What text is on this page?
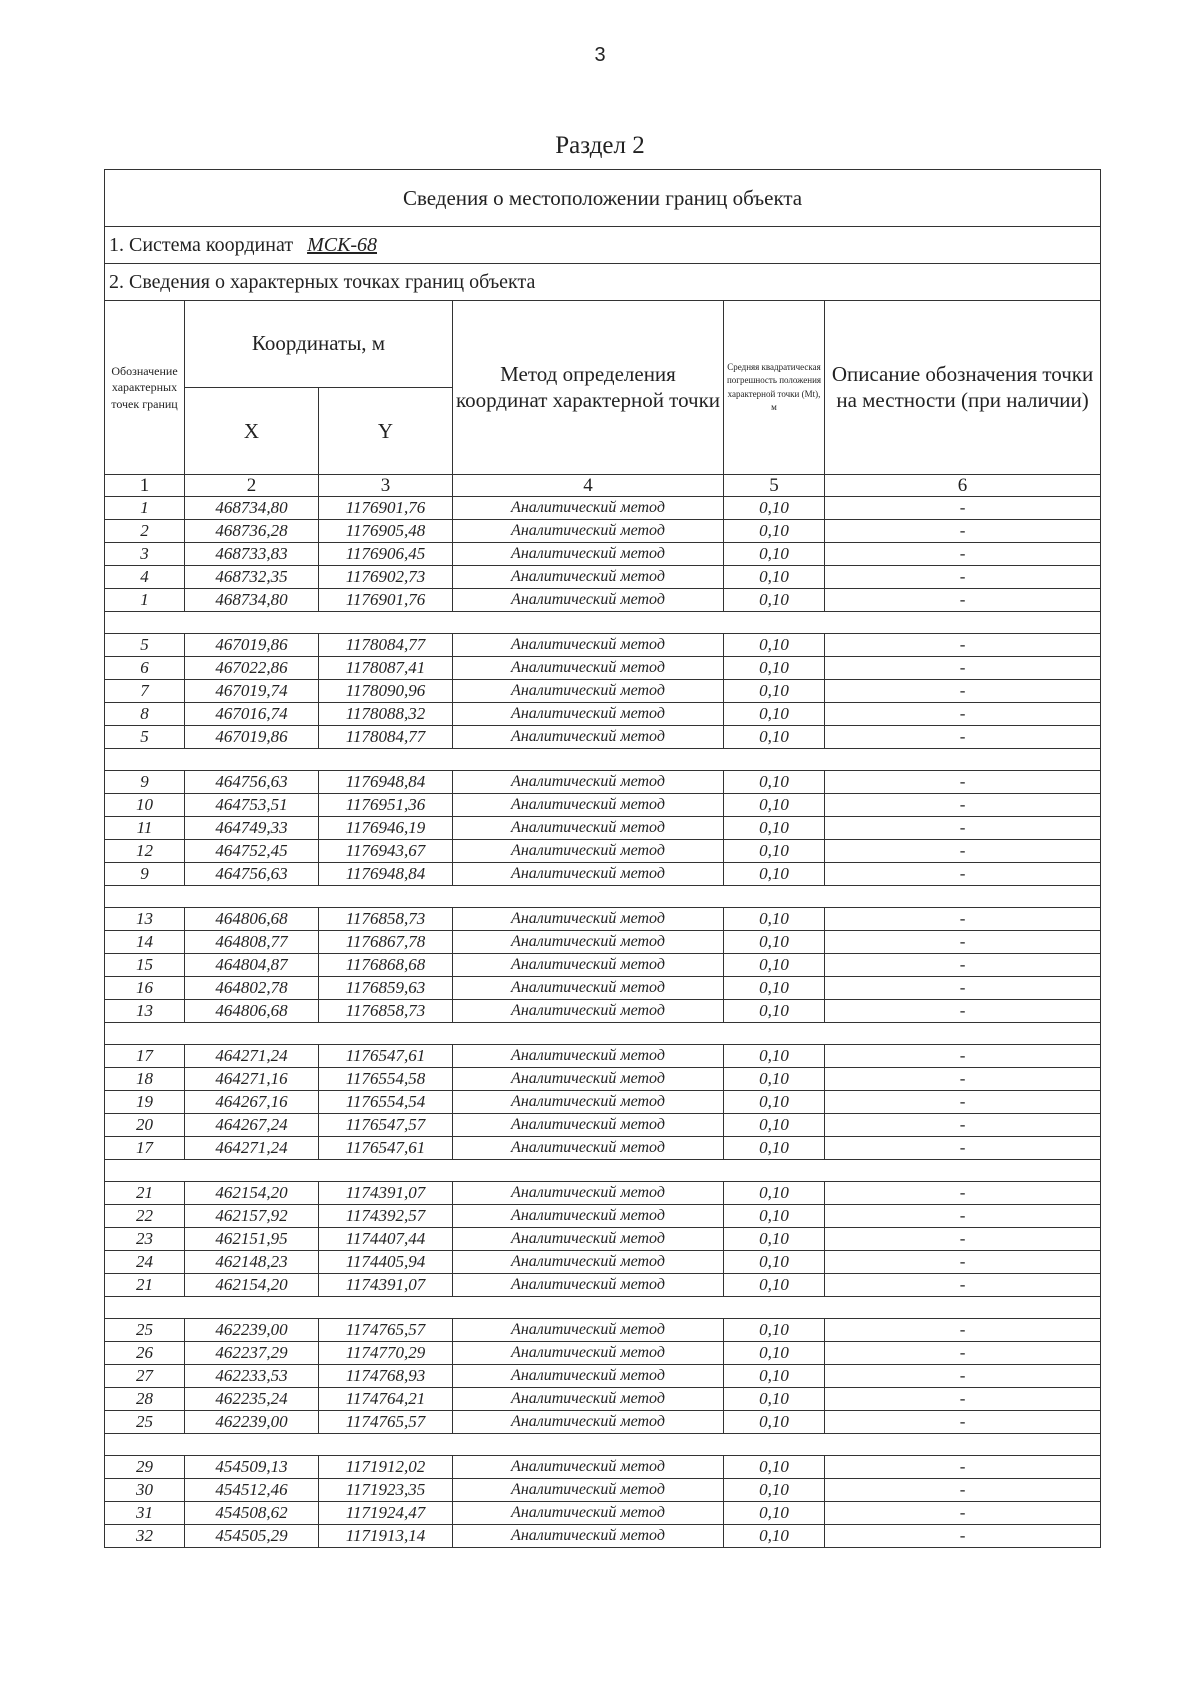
3
Раздел 2
Сведения о местоположении границ объекта					
1. Система координат МСК-68					
2. Сведения о характерных точках границ объекта					
Обозначение характерных точек границ	Координаты, м		Метод определения координат характерной точки	Средняя квадратическая погрешность положения характерной точки (Mt), м	Описание обозначения точки на местности (при наличии)
	X	Y			
1	2	3	4	5	6
1	468734,80	1176901,76	Аналитический метод	0,10	-
2	468736,28	1176905,48	Аналитический метод	0,10	-
3	468733,83	1176906,45	Аналитический метод	0,10	-
4	468732,35	1176902,73	Аналитический метод	0,10	-
1	468734,80	1176901,76	Аналитический метод	0,10	-

5	467019,86	1178084,77	Аналитический метод	0,10	-
6	467022,86	1178087,41	Аналитический метод	0,10	-
7	467019,74	1178090,96	Аналитический метод	0,10	-
8	467016,74	1178088,32	Аналитический метод	0,10	-
5	467019,86	1178084,77	Аналитический метод	0,10	-

9	464756,63	1176948,84	Аналитический метод	0,10	-
10	464753,51	1176951,36	Аналитический метод	0,10	-
11	464749,33	1176946,19	Аналитический метод	0,10	-
12	464752,45	1176943,67	Аналитический метод	0,10	-
9	464756,63	1176948,84	Аналитический метод	0,10	-

13	464806,68	1176858,73	Аналитический метод	0,10	-
14	464808,77	1176867,78	Аналитический метод	0,10	-
15	464804,87	1176868,68	Аналитический метод	0,10	-
16	464802,78	1176859,63	Аналитический метод	0,10	-
13	464806,68	1176858,73	Аналитический метод	0,10	-

17	464271,24	1176547,61	Аналитический метод	0,10	-
18	464271,16	1176554,58	Аналитический метод	0,10	-
19	464267,16	1176554,54	Аналитический метод	0,10	-
20	464267,24	1176547,57	Аналитический метод	0,10	-
17	464271,24	1176547,61	Аналитический метод	0,10	-

21	462154,20	1174391,07	Аналитический метод	0,10	-
22	462157,92	1174392,57	Аналитический метод	0,10	-
23	462151,95	1174407,44	Аналитический метод	0,10	-
24	462148,23	1174405,94	Аналитический метод	0,10	-
21	462154,20	1174391,07	Аналитический метод	0,10	-

25	462239,00	1174765,57	Аналитический метод	0,10	-
26	462237,29	1174770,29	Аналитический метод	0,10	-
27	462233,53	1174768,93	Аналитический метод	0,10	-
28	462235,24	1174764,21	Аналитический метод	0,10	-
25	462239,00	1174765,57	Аналитический метод	0,10	-

29	454509,13	1171912,02	Аналитический метод	0,10	-
30	454512,46	1171923,35	Аналитический метод	0,10	-
31	454508,62	1171924,47	Аналитический метод	0,10	-
32	454505,29	1171913,14	Аналитический метод	0,10	-
